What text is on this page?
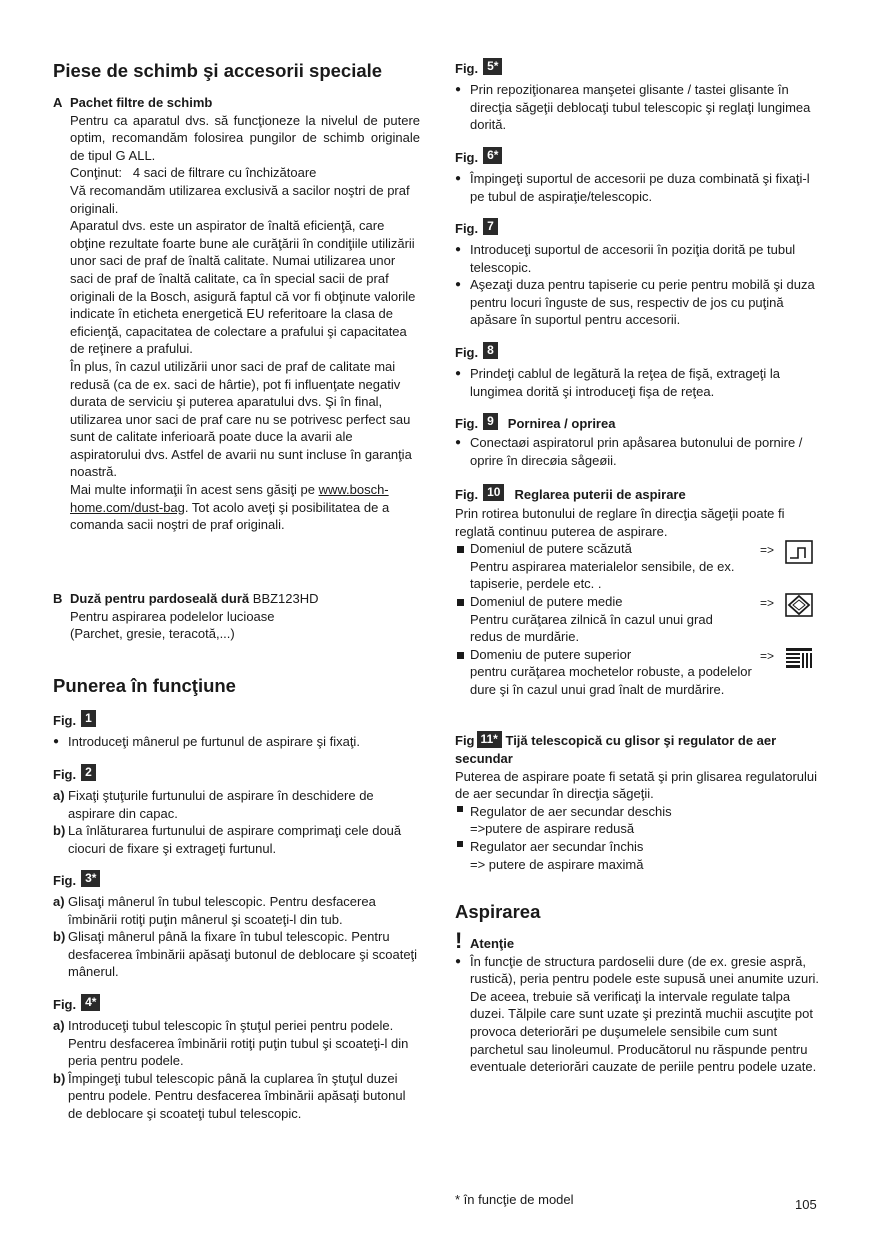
Piese de schimb şi accesorii speciale
A Pachet filtre de schimb
Pentru ca aparatul dvs. să funcţioneze la nivelul de putere optim, recomandăm folosirea pungilor de schimb originale de tipul G ALL.
Conţinut:   4 saci de filtrare cu închizătoare
Vă recomandăm utilizarea exclusivă a sacilor noştri de praf originali.
Aparatul dvs. este un aspirator de înaltă eficienţă, care obţine rezultate foarte bune ale curăţării în condiţiile utilizării unor saci de praf de înaltă calitate. Numai utilizarea unor saci de praf de înaltă calitate, ca în special sacii de praf originali de la Bosch, asigură faptul că vor fi obţinute valorile indicate în eticheta energetică EU referitoare la clasa de eficienţă, capacitatea de colectare a prafului şi capacitatea de reţinere a prafului.
În plus, în cazul utilizării unor saci de praf de calitate mai redusă (ca de ex. saci de hârtie), pot fi influenţate negativ durata de serviciu şi puterea aparatului dvs. Şi în final, utilizarea unor saci de praf care nu se potrivesc perfect sau sunt de calitate inferioară poate duce la avarii ale aspiratorului dvs. Astfel de avarii nu sunt incluse în garanţia noastră.
Mai multe informaţii în acest sens găsiţi pe www.bosch-home.com/dust-bag. Tot acolo aveţi şi posibilitatea de a comanda sacii noştri de praf originali.
B Duză pentru pardoseală dură BBZ123HD
Pentru aspirarea podelelor lucioase
(Parchet, gresie, teracotă,...)
Punerea în funcţiune
Fig. 1
● Introduceţi mânerul pe furtunul de aspirare şi fixaţi.
Fig. 2
a) Fixaţi ştuţurile furtunului de aspirare în deschidere de aspirare din capac.
b) La înlăturarea furtunului de aspirare comprimaţi cele două ciocuri de fixare şi extrageţi furtunul.
Fig. 3*
a) Glisaţi mânerul în tubul telescopic. Pentru desfacerea îmbinării rotiţi puţin mânerul şi scoateţi-l din tub.
b) Glisaţi mânerul până la fixare în tubul telescopic. Pentru desfacerea îmbinării apăsaţi butonul de deblocare şi scoateţi mânerul.
Fig. 4*
a) Introduceţi tubul telescopic în ştuţul periei pentru podele. Pentru desfacerea îmbinării rotiţi puţin tubul şi scoateţi-l din peria pentru podele.
b) Împingeţi tubul telescopic până la cuplarea în ştuţul duzei pentru podele. Pentru desfacerea îmbinării apăsaţi butonul de deblocare şi scoateţi tubul telescopic.
Fig. 5*
● Prin repoziţionarea manşetei glisante / tastei glisante în direcţia săgeţii deblocaţi tubul telescopic şi reglaţi lungimea dorită.
Fig. 6*
● Împingeţi suportul de accesorii pe duza combinată şi fixaţi-l pe tubul de aspiraţie/telescopic.
Fig. 7
● Introduceţi suportul de accesorii în poziţia dorită pe tubul telescopic.
● Aşezaţi duza pentru tapiserie cu perie pentru mobilă şi duza pentru locuri înguste de sus, respectiv de jos cu puţină apăsare în suportul pentru accesorii.
Fig. 8
● Prindeţi cablul de legătură la reţea de fişă, extrageţi la lungimea dorită şi introduceţi fişa de reţea.
Fig. 9	Pornirea / oprirea
● Conectaøi aspiratorul prin apåsarea butonului de pornire / oprire în direcøia sågeøii.
Fig. 10	Reglarea puterii de aspirare
Prin rotirea butonului de reglare în direcţia săgeţii poate fi reglată continuu puterea de aspirare.
Domeniul de putere scăzută
Pentru aspirarea materialelor sensibile, de ex. tapiserie, perdele etc. .
Domeniul de putere medie
Pentru curăţarea zilnică în cazul unui grad redus de murdărie.
Domeniu de putere superior
pentru curăţarea mochetelor robuste, a podelelor dure şi în cazul unui grad înalt de murdărire.
=>
=>
=>
Fig 11* Tijă telescopică cu glisor şi regulator de aer secundar
Puterea de aspirare poate fi setată şi prin glisarea regulatorului de aer secundar în direcţia săgeţii.
Regulator de aer secundar deschis
=>putere de aspirare redusă
Regulator aer secundar închis
=> putere de aspirare maximă
Aspirarea
! Atenţie
● În funcţie de structura pardoselii dure (de ex. gresie aspră, rustică), peria pentru podele este supusă unei anumite uzuri. De aceea, trebuie să verificaţi la intervale regulate talpa duzei. Tălpile care sunt uzate şi prezintă muchii ascuţite pot provoca deteriorări pe duşumelele sensibile cum sunt parchetul sau linoleumul. Producătorul nu răspunde pentru eventuale deteriorări cauzate de periile pentru podele uzate.
* în funcţie de model	105
